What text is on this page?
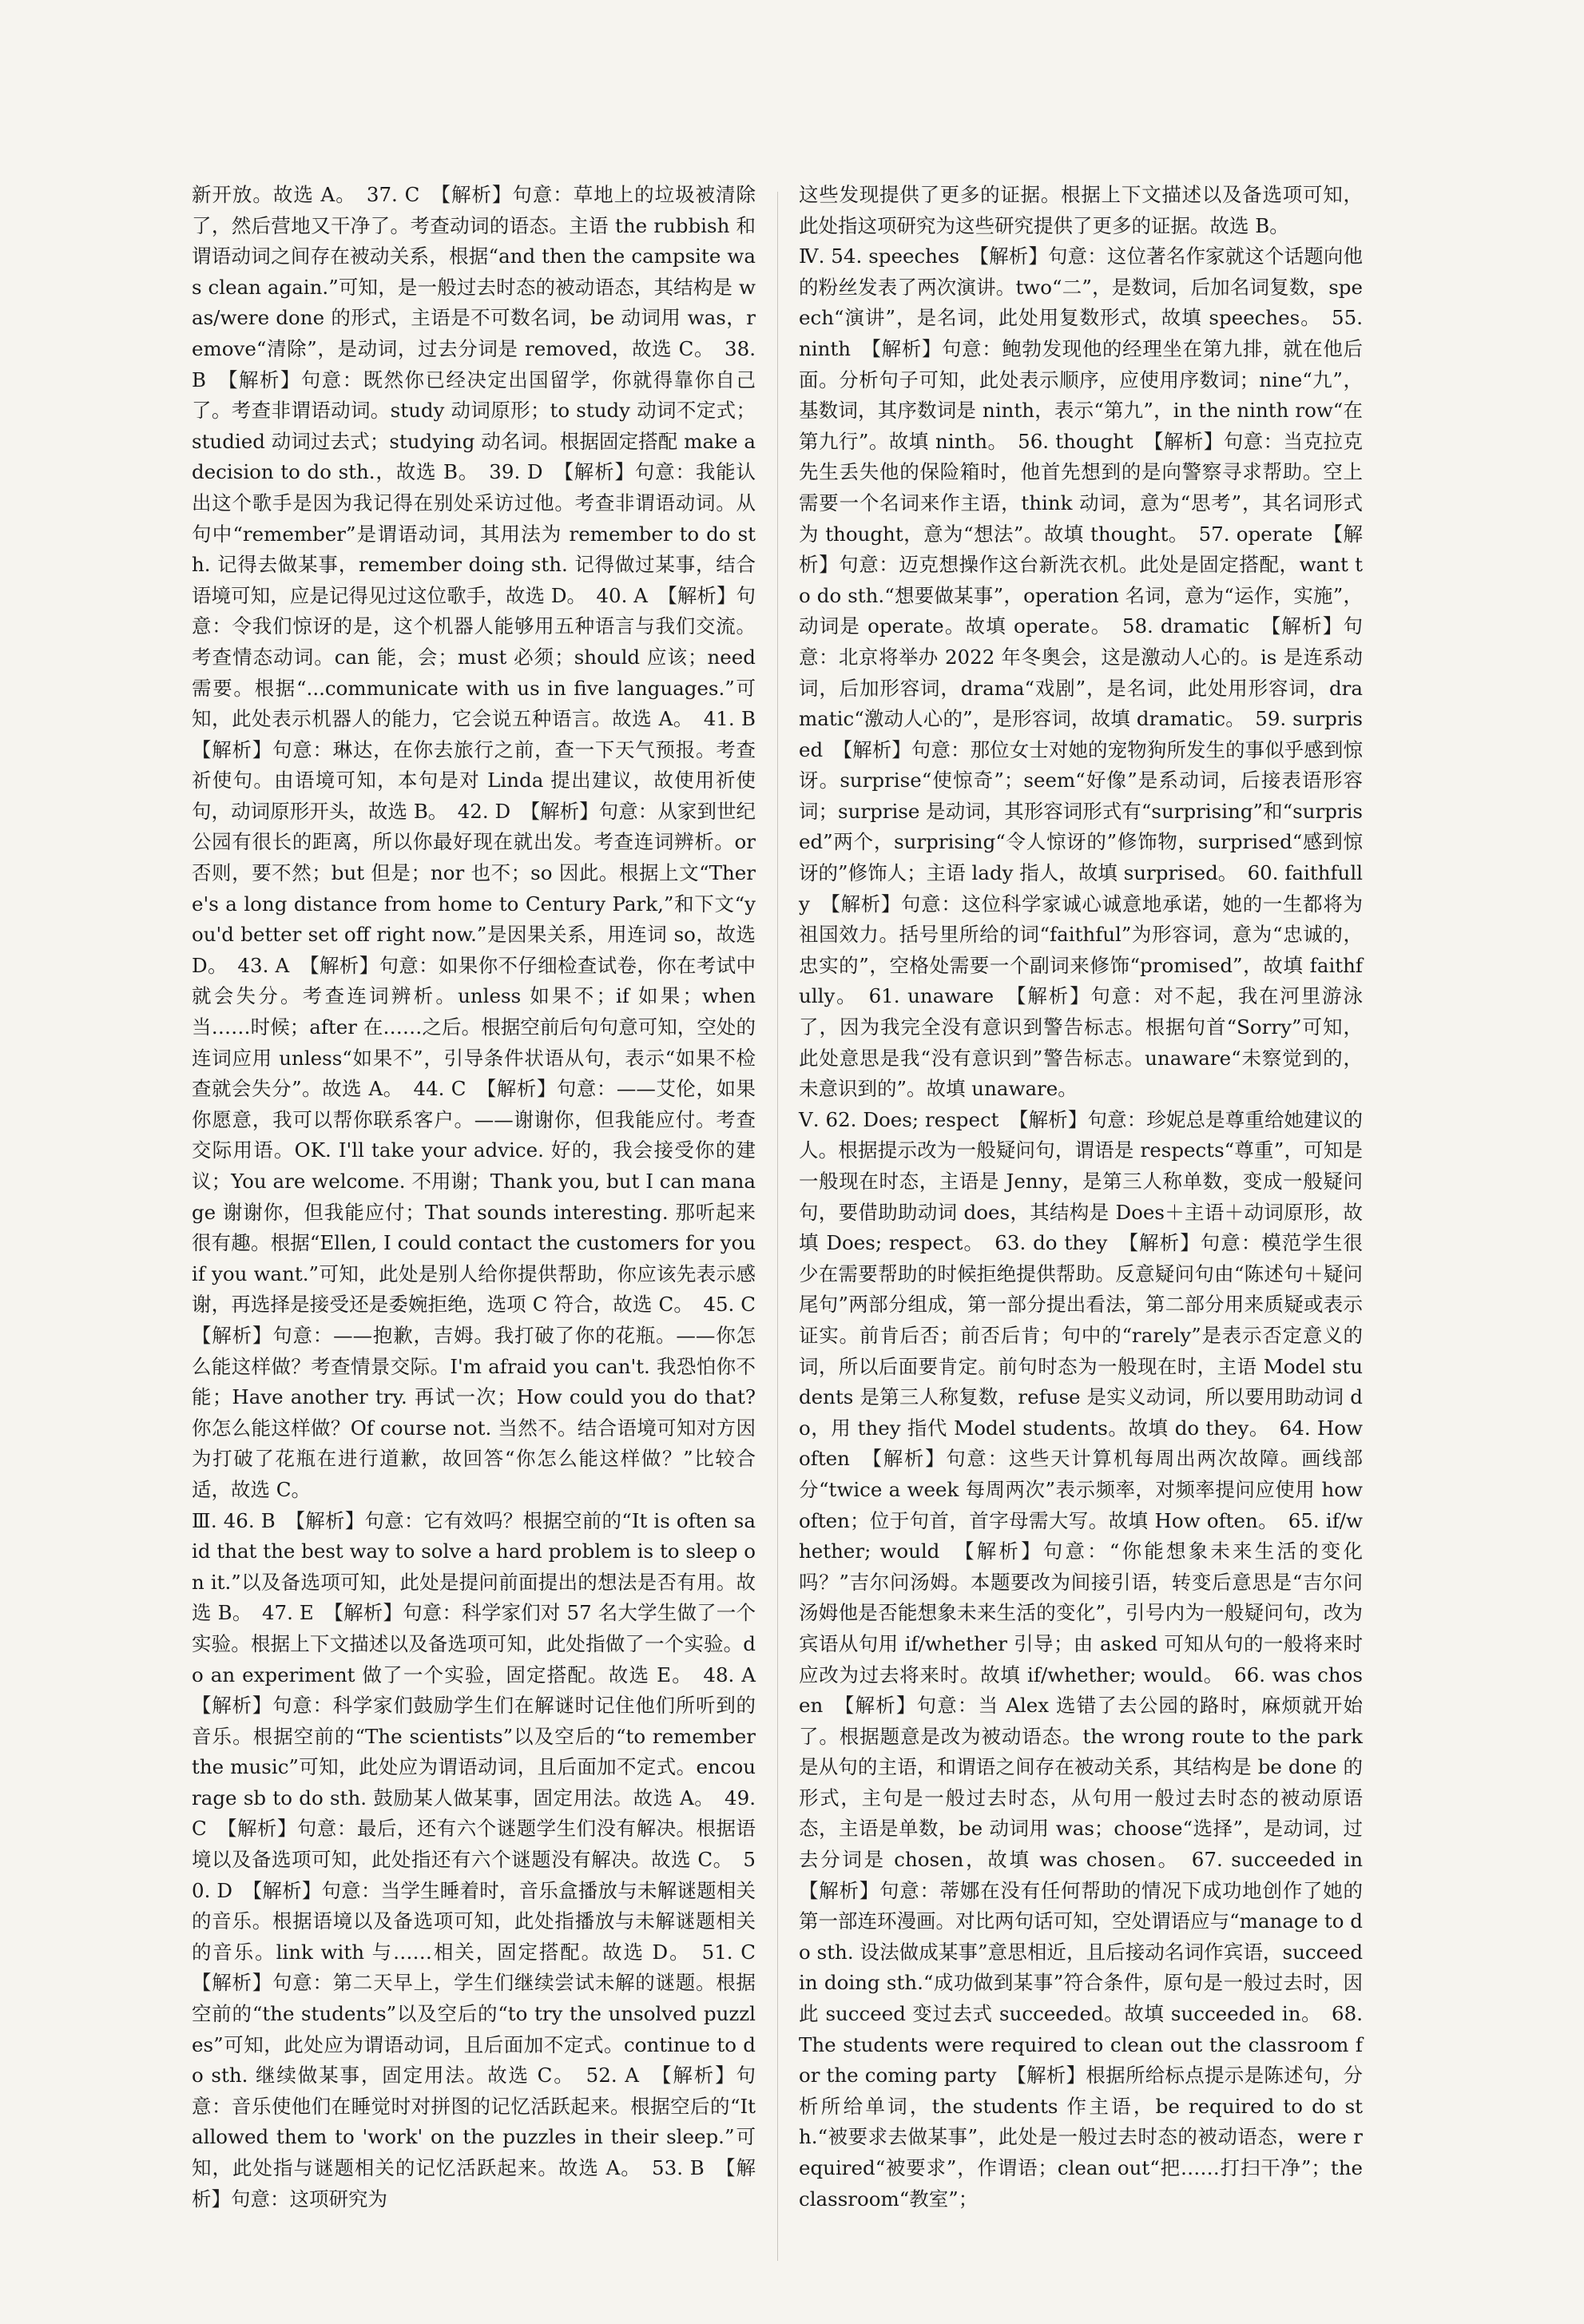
新开放。故选 A。　37. C　【解析】句意：草地上的垃圾被清除了，然后营地又干净了。考查动词的语态。主语 the rubbish 和谓语动词之间存在被动关系，根据“and then the campsite was clean again.”可知，是一般过去时态的被动语态，其结构是 was/were done 的形式，主语是不可数名词，be 动词用 was，remove“清除”，是动词，过去分词是 removed，故选 C。　38. B　【解析】句意：既然你已经决定出国留学，你就得靠你自己了。考查非谓语动词。study 动词原形；to study 动词不定式；studied 动词过去式；studying 动名词。根据固定搭配 make a decision to do sth.，故选 B。　39. D　【解析】句意：我能认出这个歌手是因为我记得在别处采访过他。考查非谓语动词。从句中“remember”是谓语动词，其用法为 remember to do sth. 记得去做某事，remember doing sth. 记得做过某事，结合语境可知，应是记得见过这位歌手，故选 D。　40. A　【解析】句意：令我们惊讶的是，这个机器人能够用五种语言与我们交流。考查情态动词。can 能，会；must 必须；should 应该；need 需要。根据“...communicate with us in five languages.”可知，此处表示机器人的能力，它会说五种语言。故选 A。　41. B　【解析】句意：琳达，在你去旅行之前，查一下天气预报。考查祈使句。由语境可知，本句是对 Linda 提出建议，故使用祈使句，动词原形开头，故选 B。　42. D　【解析】句意：从家到世纪公园有很长的距离，所以你最好现在就出发。考查连词辨析。or 否则，要不然；but 但是；nor 也不；so 因此。根据上文“There's a long distance from home to Century Park,”和下文“you'd better set off right now.”是因果关系，用连词 so，故选 D。　43. A　【解析】句意：如果你不仔细检查试卷，你在考试中就会失分。考查连词辨析。unless 如果不；if 如果；when 当……时候；after 在……之后。根据空前后句句意可知，空处的连词应用 unless“如果不”，引导条件状语从句，表示“如果不检查就会失分”。故选 A。　44. C　【解析】句意：——艾伦，如果你愿意，我可以帮你联系客户。——谢谢你，但我能应付。考查交际用语。OK. I'll take your advice. 好的，我会接受你的建议；You are welcome. 不用谢；Thank you, but I can manage 谢谢你，但我能应付；That sounds interesting. 那听起来很有趣。根据“Ellen, I could contact the customers for you if you want.”可知，此处是别人给你提供帮助，你应该先表示感谢，再选择是接受还是委婉拒绝，选项 C 符合，故选 C。　45. C　【解析】句意：——抱歉，吉姆。我打破了你的花瓶。——你怎么能这样做？考查情景交际。I'm afraid you can't. 我恐怕你不能；Have another try. 再试一次；How could you do that? 你怎么能这样做？Of course not. 当然不。结合语境可知对方因为打破了花瓶在进行道歉，故回答“你怎么能这样做？”比较合适，故选 C。

Ⅲ. 46. B　【解析】句意：它有效吗？根据空前的“It is often said that the best way to solve a hard problem is to sleep on it.”以及备选项可知，此处是提问前面提出的想法是否有用。故选 B。　47. E　【解析】句意：科学家们对 57 名大学生做了一个实验。根据上下文描述以及备选项可知，此处指做了一个实验。do an experiment 做了一个实验，固定搭配。故选 E。　48. A　【解析】句意：科学家们鼓励学生们在解谜时记住他们所听到的音乐。根据空前的“The scientists”以及空后的“to remember the music”可知，此处应为谓语动词，且后面加不定式。encourage sb to do sth. 鼓励某人做某事，固定用法。故选 A。　49. C　【解析】句意：最后，还有六个谜题学生们没有解决。根据语境以及备选项可知，此处指还有六个谜题没有解决。故选 C。　50. D　【解析】句意：当学生睡着时，音乐盒播放与未解谜题相关的音乐。根据语境以及备选项可知，此处指播放与未解谜题相关的音乐。link with 与……相关，固定搭配。故选 D。　51. C　【解析】句意：第二天早上，学生们继续尝试未解的谜题。根据空前的“the students”以及空后的“to try the unsolved puzzles”可知，此处应为谓语动词，且后面加不定式。continue to do sth. 继续做某事，固定用法。故选 C。　52. A　【解析】句意：音乐使他们在睡觉时对拼图的记忆活跃起来。根据空后的“It allowed them to 'work' on the puzzles in their sleep.”可知，此处指与谜题相关的记忆活跃起来。故选 A。　53. B　【解析】句意：这项研究为

这些发现提供了更多的证据。根据上下文描述以及备选项可知，此处指这项研究为这些研究提供了更多的证据。故选 B。

Ⅳ. 54. speeches　【解析】句意：这位著名作家就这个话题向他的粉丝发表了两次演讲。two“二”，是数词，后加名词复数，speech“演讲”，是名词，此处用复数形式，故填 speeches。　55. ninth　【解析】句意：鲍勃发现他的经理坐在第九排，就在他后面。分析句子可知，此处表示顺序，应使用序数词；nine“九”，基数词，其序数词是 ninth，表示“第九”，in the ninth row“在第九行”。故填 ninth。　56. thought　【解析】句意：当克拉克先生丢失他的保险箱时，他首先想到的是向警察寻求帮助。空上需要一个名词来作主语，think 动词，意为“思考”，其名词形式为 thought，意为“想法”。故填 thought。　57. operate　【解析】句意：迈克想操作这台新洗衣机。此处是固定搭配，want to do sth.“想要做某事”，operation 名词，意为“运作，实施”，动词是 operate。故填 operate。　58. dramatic　【解析】句意：北京将举办 2022 年冬奥会，这是激动人心的。is 是连系动词，后加形容词，drama“戏剧”，是名词，此处用形容词，dramatic“激动人心的”，是形容词，故填 dramatic。　59. surprised　【解析】句意：那位女士对她的宠物狗所发生的事似乎感到惊讶。surprise“使惊奇”；seem“好像”是系动词，后接表语形容词；surprise 是动词，其形容词形式有“surprising”和“surprised”两个，surprising“令人惊讶的”修饰物，surprised“感到惊讶的”修饰人；主语 lady 指人，故填 surprised。　60. faithfully　【解析】句意：这位科学家诚心诚意地承诺，她的一生都将为祖国效力。括号里所给的词“faithful”为形容词，意为“忠诚的，忠实的”，空格处需要一个副词来修饰“promised”，故填 faithfully。　61. unaware　【解析】句意：对不起，我在河里游泳了，因为我完全没有意识到警告标志。根据句首“Sorry”可知，此处意思是我“没有意识到”警告标志。unaware“未察觉到的，未意识到的”。故填 unaware。

Ⅴ. 62. Does; respect　【解析】句意：珍妮总是尊重给她建议的人。根据提示改为一般疑问句，谓语是 respects“尊重”，可知是一般现在时态，主语是 Jenny，是第三人称单数，变成一般疑问句，要借助助动词 does，其结构是 Does＋主语＋动词原形，故填 Does; respect。　63. do they　【解析】句意：模范学生很少在需要帮助的时候拒绝提供帮助。反意疑问句由“陈述句＋疑问尾句”两部分组成，第一部分提出看法，第二部分用来质疑或表示证实。前肯后否；前否后肯；句中的“rarely”是表示否定意义的词，所以后面要肯定。前句时态为一般现在时，主语 Model students 是第三人称复数，refuse 是实义动词，所以要用助动词 do，用 they 指代 Model students。故填 do they。　64. How often　【解析】句意：这些天计算机每周出两次故障。画线部分“twice a week 每周两次”表示频率，对频率提问应使用 how often；位于句首，首字母需大写。故填 How often。　65. if/whether; would　【解析】句意：“你能想象未来生活的变化吗？”吉尔问汤姆。本题要改为间接引语，转变后意思是“吉尔问汤姆他是否能想象未来生活的变化”，引号内为一般疑问句，改为宾语从句用 if/whether 引导；由 asked 可知从句的一般将来时应改为过去将来时。故填 if/whether; would。　66. was chosen　【解析】句意：当 Alex 选错了去公园的路时，麻烦就开始了。根据题意是改为被动语态。the wrong route to the park 是从句的主语，和谓语之间存在被动关系，其结构是 be done 的形式，主句是一般过去时态，从句用一般过去时态的被动原语态，主语是单数，be 动词用 was；choose“选择”，是动词，过去分词是 chosen，故填 was chosen。　67. succeeded in　【解析】句意：蒂娜在没有任何帮助的情况下成功地创作了她的第一部连环漫画。对比两句话可知，空处谓语应与“manage to do sth. 设法做成某事”意思相近，且后接动名词作宾语，succeed in doing sth.“成功做到某事”符合条件，原句是一般过去时，因此 succeed 变过去式 succeeded。故填 succeeded in。　68. The students were required to clean out the classroom for the coming party　【解析】根据所给标点提示是陈述句，分析所给单词，the students 作主语，be required to do sth.“被要求去做某事”，此处是一般过去时态的被动语态，were required“被要求”，作谓语；clean out“把……打扫干净”；the classroom“教室”；
